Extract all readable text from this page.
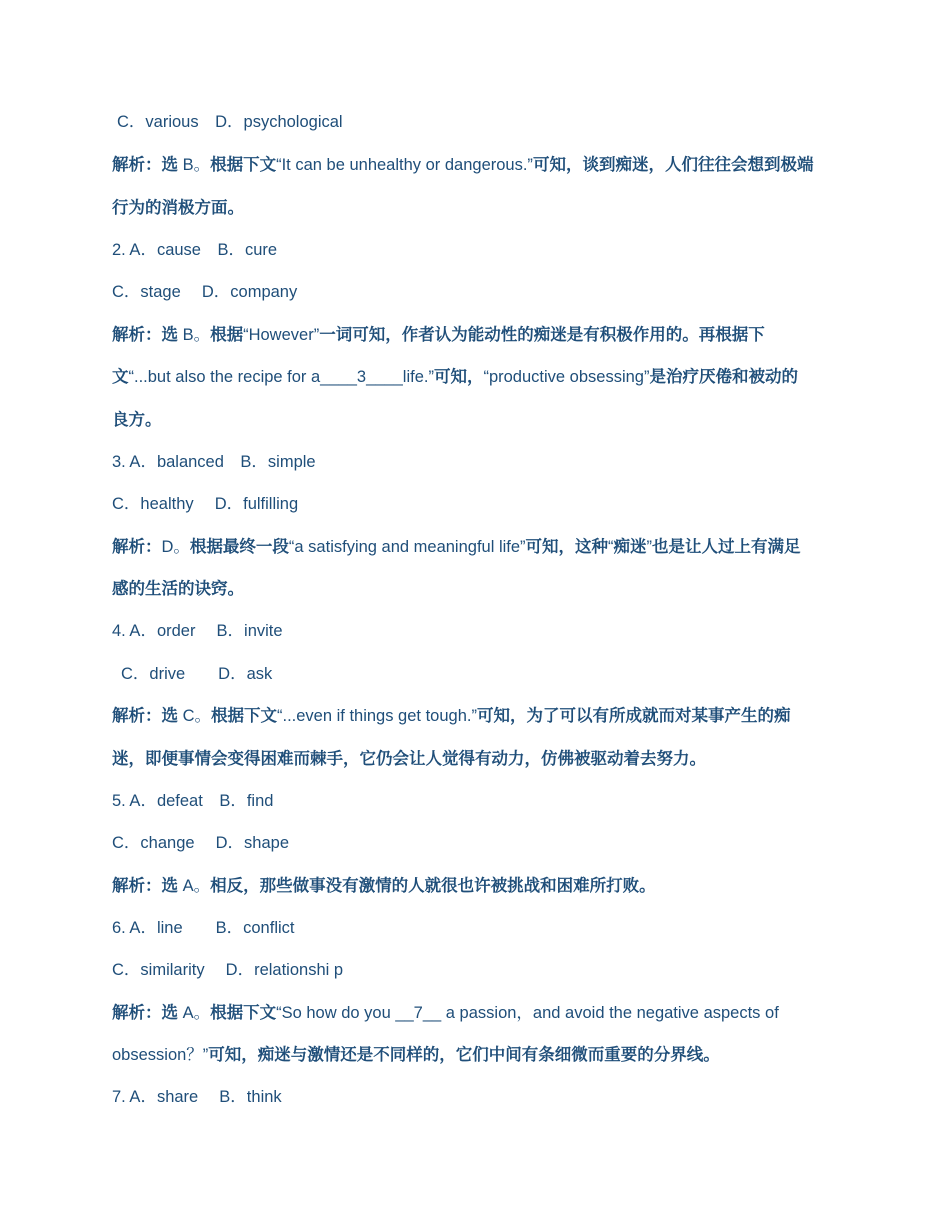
C．various　D．psychological
解析：选 B。根据下文“It can be unhealthy or dangerous.”可知，谈到痴迷，人们往往会想到极端
行为的消极方面。
2. A．cause　B．cure
C．stage　 D．company
解析：选 B。根据“However”一词可知，作者认为能动性的痴迷是有积极作用的。再根据下
文“...but also the recipe for a____3____life.”可知，“productive obsessing”是治疗厌倦和被动的
良方。
3. A．balanced　B．simple
C．healthy　 D．fulfilling
解析：D。根据最终一段“a satisfying and meaningful life”可知，这种“痴迷”也是让人过上有满足
感的生活的诀窍。
4. A．order　 B．invite
C．drive　　D．ask
解析：选 C。根据下文“...even if things get tough.”可知，为了可以有所成就而对某事产生的痴
迷，即便事情会变得困难而棘手，它仍会让人觉得有动力，仿佛被驱动着去努力。
5. A．defeat　B．find
C．change　 D．shape
解析：选 A。相反，那些做事没有激情的人就很也许被挑战和困难所打败。
6. A．line　　B．conflict
C．similarity　 D．relationshi p
解析：选 A。根据下文“So how do you __7__ a passion，and avoid the negative aspects of
obsession？”可知，痴迷与激情还是不同样的，它们中间有条细微而重要的分界线。
7. A．share　 B．think
